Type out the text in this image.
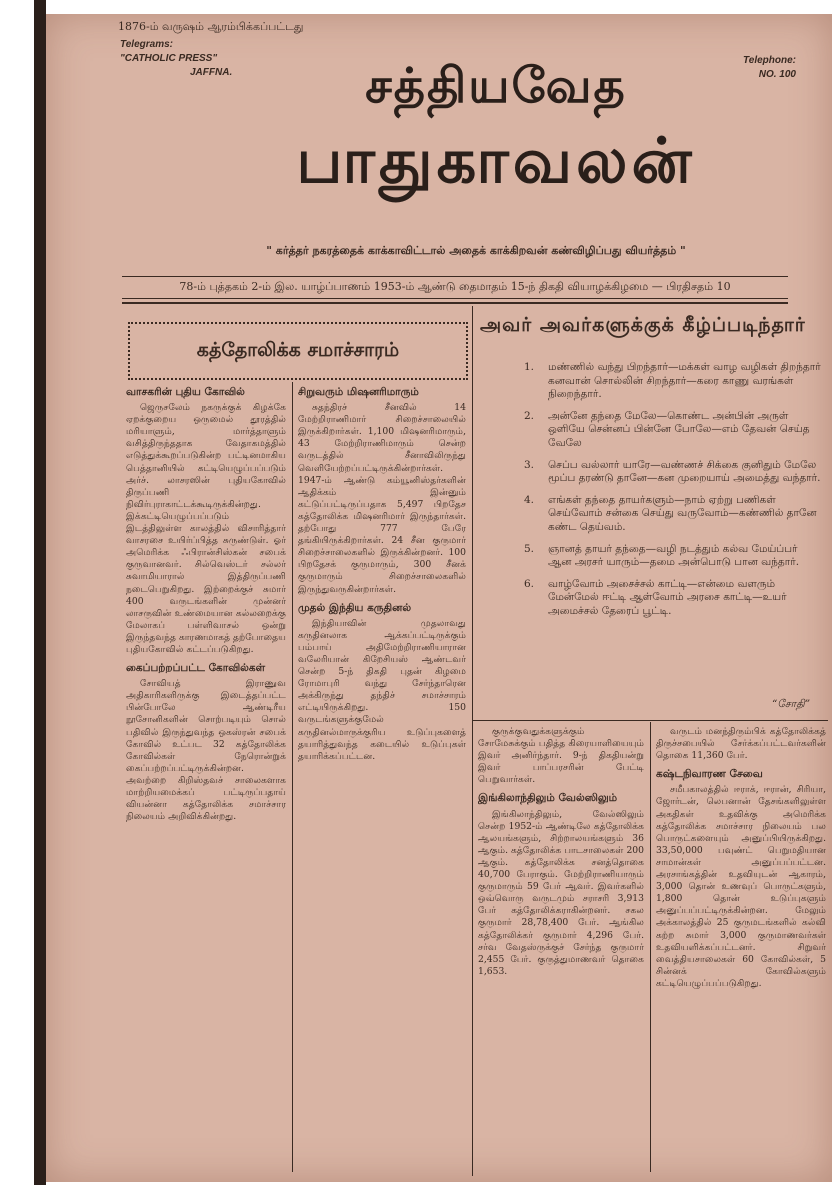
1876-ம் வருஷம் ஆரம்பிக்கப்பட்டது
Telegrams:
"CATHOLIC PRESS"
JAFFNA.
Telephone:
NO. 100
சத்தியவேத
பாதுகாவலன்
" கர்த்தர் நகரத்தைக் காக்காவிட்டால் அதைக் காக்கிறவன் கண்விழிப்பது வியர்த்தம் "
78-ம் புத்தகம் 2-ம் இல. யாழ்ப்பாணம் 1953-ம் ஆண்டு தைமாதம் 15-ந் திகதி வியாழக்கிழமை — பிரதிசதம் 10
கத்தோலிக்க சமாச்சாரம்
வாசகரின் புதிய கோவில்

ஜெருசலேம் நகருக்குக் கிழக்கே ஏறக்குறைய ஒருமைல் தூரத்தில் மரியாளும், மார்த்தாளும் வசித்திருந்ததாக வேதாகமத்தில் எடுத்துக்கூறப்படுகின்ற பட்டினமாகிய பெத்தானியில் கட்டியெழுப்பப்படும் அர்ச். லாசரஸின் புதியகோவில் திருப்பணி நிவிர்புராகாட்டக்கூடிருக்கின்றது. இக்கட்டியெழுப்பப்படும் இடத்திலுள்ள காலத்தில் விசாரித்தார் வாசரசை உயிர்ப்பித்த சுருண்டுள். ஓர் அமெரிக்க ஃபிரான்சிஸ்கன் சபைக் குருவானவர். சில்வெஸ்டர் சல்லர் சுவாமியாரால் இத்திருப்பணி நடைபெறுகிறது. இற்றைக்குச் சுமார் 400 வருடங்களின் முன்னர் லாசருவின் உண்மையான கல்லறைக்கு மேலாகப் பள்ளிவாசல் ஒன்று இருந்தவந்த காரணமாகத் தற்போதைய புதியகோவில் கட்டப்படுகிறது.

கைப்பற்றப்பட்ட கோவில்கள்

சோவியத் இராணுவ அதிகாரிகளிருக்கு இடைத்தப்பட்ட பின்போலே ஆண்டிரீய நூசோனிகளின் சொற்படியும் சொல் பதிவில் இருந்துவந்த ஒகஸ்ரன் சபைக் கோவில் உட்பட 32 கத்தோலிக்க கோவில்கள் நேரொன்றுக் கைப்பற்றப்பட்டிருக்கின்றன. அவற்றை கிறிஸ்தவச் சாலைகளாக மாற்றியமைக்கப் பட்டிருப்பதாய் வியன்னா கத்தோலிக்க சமாச்சார நிலையம் அறிவிக்கின்றது.

சிறுவரும் மிஷனரிமாரும்

சுதந்திரச் சீனவில் 14 மேற்றிராணிமார் சிறைச்சாலையில் இருக்கிறார்கள். 1,100 மிஷனரிமாரும், 43 மேற்றிராணிமாரும் சென்ற வருடத்தில் சீனாவிலிருந்து வெளியேற்றப்பட்டிருக்கின்றார்கள். 1947-ம் ஆண்டு கம்யூனிஸ்தர்களின் ஆதிக்கம் இன்னும் கட்டுப்பட்டிருப்பதாக 5,497 பிறதேச கத்தோலிக்க மிஷனரிமார் இருந்தார்கள். தற்போது 777 பேரே தங்கியிருக்கிறார்கள். 24 சீன குருமார் சிறைச்சாலைகளில் இருக்கின்றனர். 100 பிறதேசக் குருமாரும், 300 சீனக் குருமாரும் சிறைச்சாலைகளில் இருந்துவருகின்றார்கள்.

முதல் இந்திய கருதினல்

இந்தியாவின் முதலாவது கருதினலாக ஆக்கப்பட்டிருக்கும் பம்பாய் அதிமேற்றிராணியாரான வலேரியான் கிறேசியஸ் ஆண்டவர் சென்ற 5-ந் திகதி புதன் கிழமை ரோமாபுரி வந்து சேர்ந்தாரென அக்கிருந்து தந்திச் சமாச்சாரம் எட்டியிருக்கிறது. 150 வருடங்களுக்குமேல் கருதினல்மாருக்குரிய உடுப்புகளைத் தயாரித்துவந்த கடையில் உடுப்புகள் தயாரிக்கப்பட்டன.

அவர் அவர்களுக்குக் கீழ்ப்படிந்தார்
1. மண்ணில் வந்து பிறந்தார்—மக்கள் வாழ வழிகள் திறந்தார் கனவான் சொல்லின் சிறந்தார்—கரை காணு வரங்கள் நிறைந்தார்.
2. அன்னே தந்தை மேலே—கொண்ட அன்பின் அருள் ஒளியே சென்னப் பின்னே போலே—எம் தேவன் செய்த வேலே
3. செப்ப வல்லார் யாரே—வண்ணச் சிக்கை குனிதும் மேலே மூப்ப தரண்டு தானே—கன முறையாய் அமைத்து வந்தார்.
4. எங்கள் தந்தை தாயர்களும்—நாம் ஏற்று பணிகள் செய்வோம் சன்கை செய்து வருவோம்—கண்ணில் தானே கண்ட தெய்வம்.
5. ஞானத் தாயர் தந்தை—வழி நடத்தும் கல்வ மேய்ப்பர் ஆன அரசர் யாரும்—தமை அன்பொடு பான வந்தார்.
6. வாழ்வோம் அசைச்சல் காட்டி—என்மை வளரும் மேன்மேல் ஈட்டி ஆள்வோம் அரசை காட்டி—உயர் அமைச்சல் தேரைப் பூட்டி.
“சோதி”

குருக்குவதுக்களுக்கும் சோமேசுக்கும் பதித்த கிரையாளியையும் இவர் அனிர்ந்தார். 9-ந் திகதியன்று இவர் பாப்பரசரின் பேட்டி பெறுவார்கள்.

இங்கிலாந்திலும் வேல்ஸிலும்

இங்கிலாந்திலும், வேல்ஸிலும் சென்ற 1952-ம் ஆண்டிலே கத்தோலிக்க ஆலயங்களும், சிற்றாலயங்களும் 36 ஆகும். கத்தோலிக்க பாடசாலைகள் 200 ஆகும். கத்தோலிக்க சனத்தொகை 40,700 பேராகும். மேற்றிராணியாரும் குருமாரும் 59 பேர் ஆவர். இவர்களில் ஒவ்வொரு வருடமும் சராசரி 3,913 பேர் கத்தோலிக்கராகின்றனர். சகல குருமார் 28,78,400 பேர். ஆங்கில கத்தோலிக்கர் குருமார் 4,296 பேர். சர்வ வேதஸ்ருக்குச் சேர்ந்த குருமார் 2,455 பேர். குருத்துமாணவர் தொகை 1,653.

வருடம் மனந்திரும்பிக் கத்தோலிக்கத் திருச்சபையில் சேர்க்கப்பட்டவர்களின் தொகை 11,360 பேர்.

கஷ்டநிவாரண சேவை

சமீபகாலத்தில் ஈராக், ஈரான், சிரியா, ஜோர்டன், லெபனான் தேசங்களிலுள்ள அகதிகள் உதவிக்கு அமெரிக்க கத்தோலிக்க சமாச்சார நிலையம் பல பொருட்களையும் அனுப்பியிருக்கிறது. 33,50,000 பவுண்ட் பெறுமதியான சாமான்கள் அனுப்பப்பட்டன. அரசாங்கத்தின் உதவியுடன் ஆகாரம், 3,000 தொன் உணவுப் பொருட்களும், 1,800 தொன் உடுப்புகளும் அனுப்பப்பட்டிருக்கின்றன. மேலும் அக்காலத்தில் 25 குருமடங்களில் கல்வி கற்ற சுமார் 3,000 குருமாணவர்கள் உதவியளிக்கப்பட்டனர். சிறுவர் வைத்தியசாலைகள் 60 கோவில்கள், 5 சின்னக் கோவில்களும் கட்டியெழுப்பப்படுகிறது.
